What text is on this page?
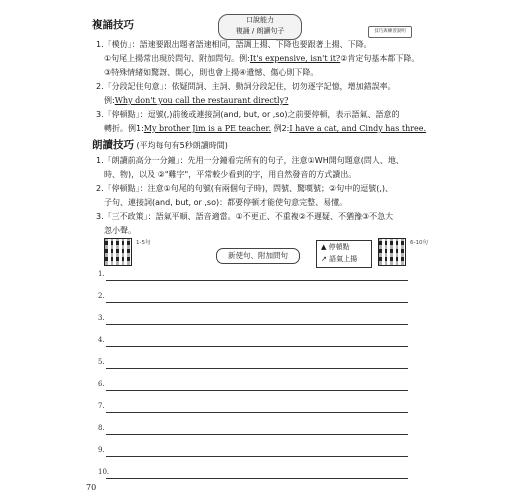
複誦技巧	口說能力
複誦 / 朗讀句子	技巧與練習說明
1.「模仿」：語速要跟出題者語速相同，語調上揚、下降也要跟著上揚、下降。
①句尾上揚常出現於問句、附加問句。例:It's expensive, isn't it?②肯定句基本都下降。
③特殊情緒如驚訝、開心，則也會上揚④遺憾、傷心則下降。
2.「分段記住句意」：依疑問詞、主詞、動詞分段記住，切勿逐字記憶，增加錯誤率。
例:Why don't you call the restaurant directly?
3.「停頓點」：逗號(,)前後或連接詞(and, but, or ,so)之前要停頓，表示語氣、語意的
轉折。例1:My brother Jim is a PE teacher. 例2:I have a cat, and Cindy has three.
朗讀技巧 (平均每句有5秒朗讀時間)
1.「朗讀前高分一分鐘」：先用一分鐘看完所有的句子，注意①WH開句題意(問人、地、
時、物)，以及 ②"難字"，平常較少看到的字，用自然發音的方式讀出。
2.「停頓點」：注意①句尾的句號(有兩個句子時)，問號、驚嘆號；②句中的逗號(,)、
子句、連接詞(and, but, or ,so)：都要停頓才能使句意完整、易懂。
3.「三不政策」：語氣平順、語音適當。①不更正、不重複②不遲疑、不猶豫③不急大
忽小聲。
1-5句
新使句、附加問句
▲ 停頓點
↗ 語氣上揚
6-10句
1.
2.
3.
4.
5.
6.
7.
8.
9.
10.
70
